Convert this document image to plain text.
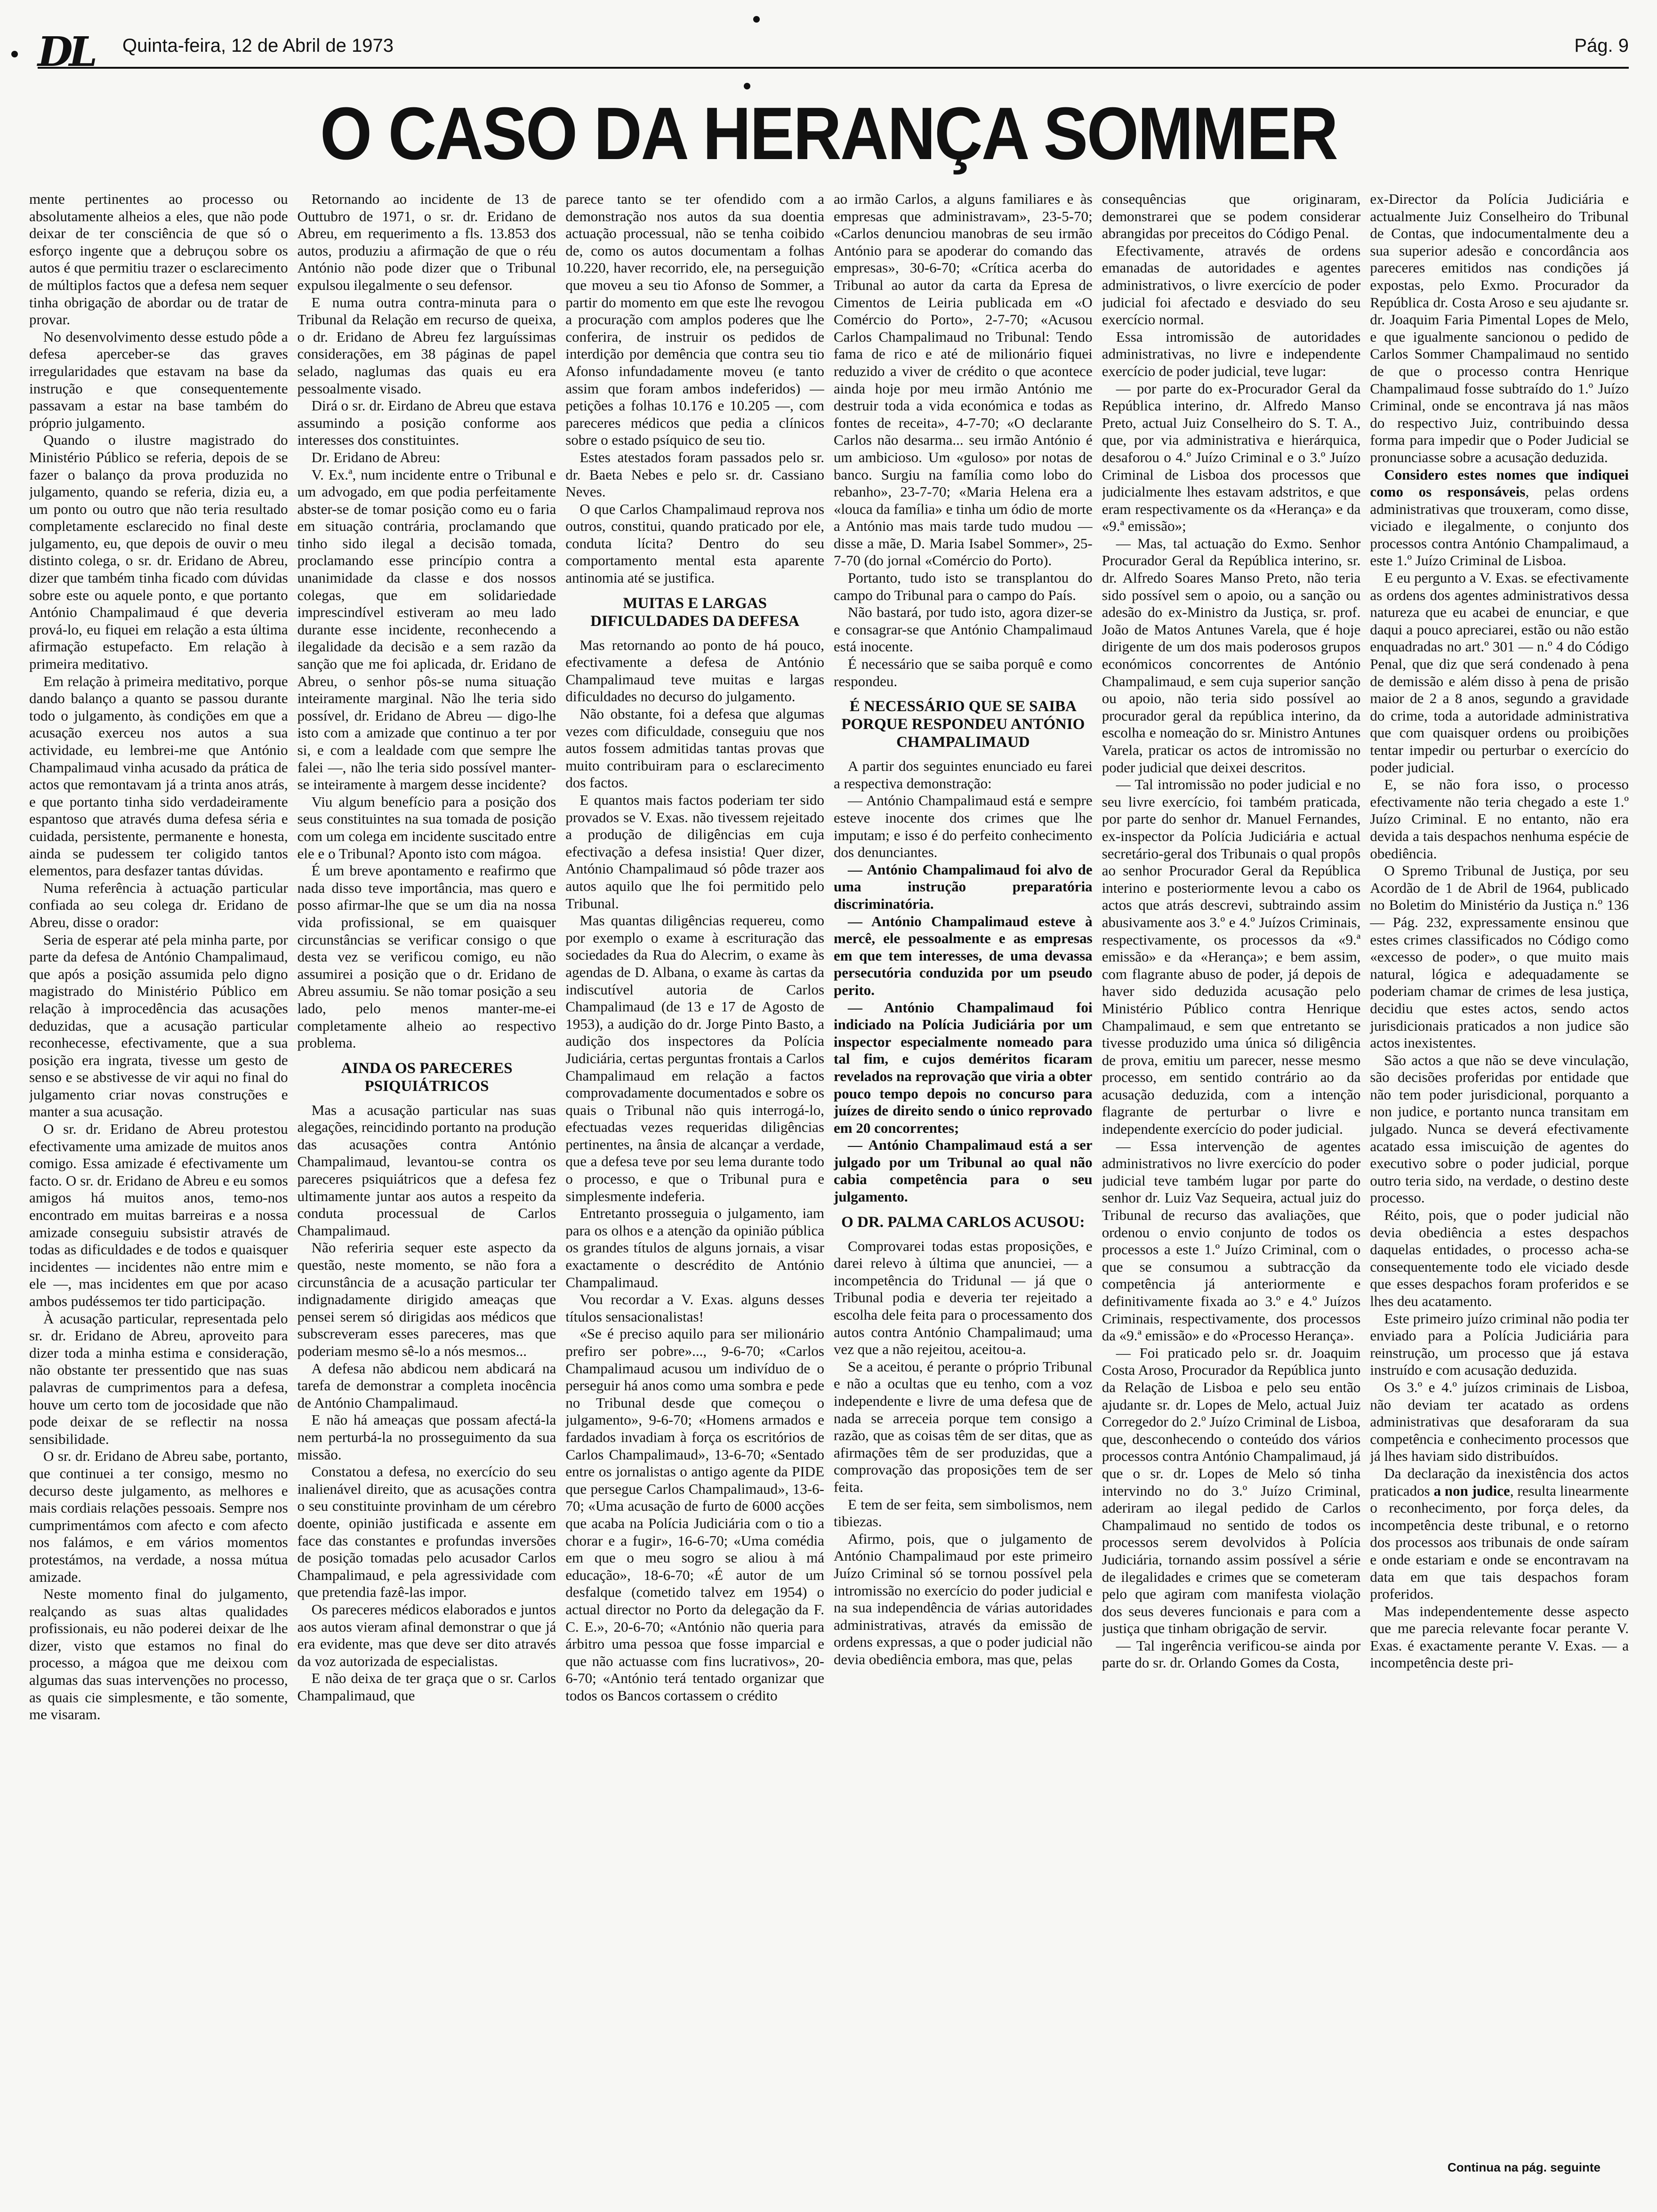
DL Quinta-feira, 12 de Abril de 1973	Pág. 9
O CASO DA HERANÇA SOMMER

mente pertinentes ao processo ou absolutamente alheios a eles, que não pode deixar de ter consciência de que só o esforço ingente que a debruçou sobre os autos é que permitiu trazer o esclarecimento de múltiplos factos que a defesa nem sequer tinha obrigação de abordar ou de tratar de provar.

No desenvolvimento desse estudo pôde a defesa aperceber-se das graves irregularidades que estavam na base da instrução e que consequentemente passavam a estar na base também do próprio julgamento.

Quando o ilustre magistrado do Ministério Público se referia, depois de se fazer o balanço da prova produzida no julgamento, quando se referia, dizia eu, a um ponto ou outro que não teria resultado completamente esclarecido no final deste julgamento, eu, que depois de ouvir o meu distinto colega, o sr. dr. Eridano de Abreu, dizer que também tinha ficado com dúvidas sobre este ou aquele ponto, e que portanto António Champalimaud é que deveria prová-lo, eu fiquei em relação a esta última afirmação estupefacto. Em relação à primeira meditativo.

Em relação à primeira meditativo, porque dando balanço a quanto se passou durante todo o julgamento, às condições em que a acusação exerceu nos autos a sua actividade, eu lembrei-me que António Champalimaud vinha acusado da prática de actos que remontavam já a trinta anos atrás, e que portanto tinha sido verdadeiramente espantoso que através duma defesa séria e cuidada, persistente, permanente e honesta, ainda se pudessem ter coligido tantos elementos, para desfazer tantas dúvidas.

Numa referência à actuação particular confiada ao seu colega dr. Eridano de Abreu, disse o orador:

Seria de esperar até pela minha parte, por parte da defesa de António Champalimaud, que após a posição assumida pelo digno magistrado do Ministério Público em relação à improcedência das acusações deduzidas, que a acusação particular reconhecesse, efectivamente, que a sua posição era ingrata, tivesse um gesto de senso e se abstivesse de vir aqui no final do julgamento criar novas construções e manter a sua acusação.

O sr. dr. Eridano de Abreu protestou efectivamente uma amizade de muitos anos comigo. Essa amizade é efectivamente um facto. O sr. dr. Eridano de Abreu e eu somos amigos há muitos anos, temo-nos encontrado em muitas barreiras e a nossa amizade conseguiu subsistir através de todas as dificuldades e de todos e quaisquer incidentes — incidentes não entre mim e ele —, mas incidentes em que por acaso ambos pudéssemos ter tido participação.

À acusação particular, representada pelo sr. dr. Eridano de Abreu, aproveito para dizer toda a minha estima e consideração, não obstante ter pressentido que nas suas palavras de cumprimentos para a defesa, houve um certo tom de jocosidade que não pode deixar de se reflectir na nossa sensibilidade.

O sr. dr. Eridano de Abreu sabe, portanto, que continuei a ter consigo, mesmo no decurso deste julgamento, as melhores e mais cordiais relações pessoais. Sempre nos cumprimentámos com afecto e com afecto nos falámos, e em vários momentos protestámos, na verdade, a nossa mútua amizade.

Neste momento final do julgamento, realçando as suas altas qualidades profissionais, eu não poderei deixar de lhe dizer, visto que estamos no final do processo, a mágoa que me deixou com algumas das suas intervenções no processo, as quais cie simplesmente, e tão somente, me visaram.

Retornando ao incidente de 13 de Outtubro de 1971, o sr. dr. Eridano de Abreu, em requerimento a fls. 13.853 dos autos, produziu a afirmação de que o réu António não pode dizer que o Tribunal expulsou ilegalmente o seu defensor.

E numa outra contra-minuta para o Tribunal da Relação em recurso de queixa, o dr. Eridano de Abreu fez larguíssimas considerações, em 38 páginas de papel selado, naglumas das quais eu era pessoalmente visado.

Dirá o sr. dr. Eirdano de Abreu que estava assumindo a posição conforme aos interesses dos constituintes.

Dr. Eridano de Abreu:

V. Ex.ª, num incidente entre o Tribunal e um advogado, em que podia perfeitamente abster-se de tomar posição como eu o faria em situação contrária, proclamando que tinho sido ilegal a decisão tomada, proclamando esse princípio contra a unanimidade da classe e dos nossos colegas, que em solidariedade imprescindível estiveram ao meu lado durante esse incidente, reconhecendo a ilegalidade da decisão e a sem razão da sanção que me foi aplicada, dr. Eridano de Abreu, o senhor pôs-se numa situação inteiramente marginal. Não lhe teria sido possível, dr. Eridano de Abreu — digo-lhe isto com a amizade que continuo a ter por si, e com a lealdade com que sempre lhe falei —, não lhe teria sido possível manter-se inteiramente à margem desse incidente?

Viu algum benefício para a posição dos seus constituintes na sua tomada de posição com um colega em incidente suscitado entre ele e o Tribunal? Aponto isto com mágoa.

É um breve apontamento e reafirmo que nada disso teve importância, mas quero e posso afirmar-lhe que se um dia na nossa vida profissional, se em quaisquer circunstâncias se verificar consigo o que desta vez se verificou comigo, eu não assumirei a posição que o dr. Eridano de Abreu assumiu. Se não tomar posição a seu lado, pelo menos manter-me-ei completamente alheio ao respectivo problema.

AINDA OS PARECERES PSIQUIÁTRICOS

Mas a acusação particular nas suas alegações, reincidindo portanto na produção das acusações contra António Champalimaud, levantou-se contra os pareceres psiquiátricos que a defesa fez ultimamente juntar aos autos a respeito da conduta processual de Carlos Champalimaud.

Não referiria sequer este aspecto da questão, neste momento, se não fora a circunstância de a acusação particular ter indignadamente dirigido ameaças que pensei serem só dirigidas aos médicos que subscreveram esses pareceres, mas que poderiam mesmo sê-lo a nós mesmos...

A defesa não abdicou nem abdicará na tarefa de demonstrar a completa inocência de António Champalimaud.

E não há ameaças que possam afectá-la nem perturbá-la no prosseguimento da sua missão.

Constatou a defesa, no exercício do seu inalienável direito, que as acusações contra o seu constituinte provinham de um cérebro doente, opinião justificada e assente em face das constantes e profundas inversões de posição tomadas pelo acusador Carlos Champalimaud, e pela agressividade com que pretendia fazê-las impor.

Os pareceres médicos elaborados e juntos aos autos vieram afinal demonstrar o que já era evidente, mas que deve ser dito através da voz autorizada de especialistas.

E não deixa de ter graça que o sr. Carlos Champalimaud, que

parece tanto se ter ofendido com a demonstração nos autos da sua doentia actuação processual, não se tenha coibido de, como os autos documentam a folhas 10.220, haver recorrido, ele, na perseguição que moveu a seu tio Afonso de Sommer, a partir do momento em que este lhe revogou a procuração com amplos poderes que lhe conferira, de instruir os pedidos de interdição por demência que contra seu tio Afonso infundadamente moveu (e tanto assim que foram ambos indeferidos) — petições a folhas 10.176 e 10.205 —, com pareceres médicos que pedia a clínicos sobre o estado psíquico de seu tio.

Estes atestados foram passados pelo sr. dr. Baeta Nebes e pelo sr. dr. Cassiano Neves.

O que Carlos Champalimaud reprova nos outros, constitui, quando praticado por ele, conduta lícita? Dentro do seu comportamento mental esta aparente antinomia até se justifica.

MUITAS E LARGAS DIFICULDADES DA DEFESA

Mas retornando ao ponto de há pouco, efectivamente a defesa de António Champalimaud teve muitas e largas dificuldades no decurso do julgamento.

Não obstante, foi a defesa que algumas vezes com dificuldade, conseguiu que nos autos fossem admitidas tantas provas que muito contribuiram para o esclarecimento dos factos.

E quantos mais factos poderiam ter sido provados se V. Exas. não tivessem rejeitado a produção de diligências em cuja efectivação a defesa insistia! Quer dizer, António Champalimaud só pôde trazer aos autos aquilo que lhe foi permitido pelo Tribunal.

Mas quantas diligências requereu, como por exemplo o exame à escrituração das sociedades da Rua do Alecrim, o exame às agendas de D. Albana, o exame às cartas da indiscutível autoria de Carlos Champalimaud (de 13 e 17 de Agosto de 1953), a audição do dr. Jorge Pinto Basto, a audição dos inspectores da Polícia Judiciária, certas perguntas frontais a Carlos Champalimaud em relação a factos comprovadamente documentados e sobre os quais o Tribunal não quis interrogá-lo, efectuadas vezes requeridas diligências pertinentes, na ânsia de alcançar a verdade, que a defesa teve por seu lema durante todo o processo, e que o Tribunal pura e simplesmente indeferia.

Entretanto prosseguia o julgamento, iam para os olhos e a atenção da opinião pública os grandes títulos de alguns jornais, a visar exactamente o descrédito de António Champalimaud.

Vou recordar a V. Exas. alguns desses títulos sensacionalistas!

«Se é preciso aquilo para ser milionário prefiro ser pobre»..., 9-6-70; «Carlos Champalimaud acusou um indivíduo de o perseguir há anos como uma sombra e pede no Tribunal desde que começou o julgamento», 9-6-70; «Homens armados e fardados invadiam à força os escritórios de Carlos Champalimaud», 13-6-70; «Sentado entre os jornalistas o antigo agente da PIDE que persegue Carlos Champalimaud», 13-6-70; «Uma acusação de furto de 6000 acções que acaba na Polícia Judiciária com o tio a chorar e a fugir», 16-6-70; «Uma comédia em que o meu sogro se aliou à má educação», 18-6-70; «É autor de um desfalque (cometido talvez em 1954) o actual director no Porto da delegação da F. C. E.», 20-6-70; «António não queria para árbitro uma pessoa que fosse imparcial e que não actuasse com fins lucrativos», 20-6-70; «António terá tentado organizar que todos os Bancos cortassem o crédito

ao irmão Carlos, a alguns familiares e às empresas que administravam», 23-5-70; «Carlos denunciou manobras de seu irmão António para se apoderar do comando das empresas», 30-6-70; «Crítica acerba do Tribunal ao autor da carta da Epresa de Cimentos de Leiria publicada em «O Comércio do Porto», 2-7-70; «Acusou Carlos Champalimaud no Tribunal: Tendo fama de rico e até de milionário fiquei reduzido a viver de crédito o que acontece ainda hoje por meu irmão António me destruir toda a vida económica e todas as fontes de receita», 4-7-70; «O declarante Carlos não desarma... seu irmão António é um ambicioso. Um «guloso» por notas de banco. Surgiu na família como lobo do rebanho», 23-7-70; «Maria Helena era a «louca da família» e tinha um ódio de morte a António mas mais tarde tudo mudou — disse a mãe, D. Maria Isabel Sommer», 25-7-70 (do jornal «Comércio do Porto).

Portanto, tudo isto se transplantou do campo do Tribunal para o campo do País.

Não bastará, por tudo isto, agora dizer-se e consagrar-se que António Champalimaud está inocente.

É necessário que se saiba porquê e como respondeu.

É NECESSÁRIO QUE SE SAIBA PORQUE RESPONDEU ANTÓNIO CHAMPALIMAUD

A partir dos seguintes enunciado eu farei a respectiva demonstração:

— António Champalimaud está e sempre esteve inocente dos crimes que lhe imputam; e isso é do perfeito conhecimento dos denunciantes.

— António Champalimaud foi alvo de uma instrução preparatória discriminatória.

— António Champalimaud esteve à mercê, ele pessoalmente e as empresas em que tem interesses, de uma devassa persecutória conduzida por um pseudo perito.

— António Champalimaud foi indiciado na Polícia Judiciária por um inspector especialmente nomeado para tal fim, e cujos deméritos ficaram revelados na reprovação que viria a obter pouco tempo depois no concurso para juízes de direito sendo o único reprovado em 20 concorrentes;

— António Champalimaud está a ser julgado por um Tribunal ao qual não cabia competência para o seu julgamento.

O DR. PALMA CARLOS ACUSOU:

Comprovarei todas estas proposições, e darei relevo à última que anunciei, — a incompetência do Tridunal — já que o Tribunal podia e deveria ter rejeitado a escolha dele feita para o processamento dos autos contra António Champalimaud; uma vez que a não rejeitou, aceitou-a.

Se a aceitou, é perante o próprio Tribunal e não a ocultas que eu tenho, com a voz independente e livre de uma defesa que de nada se arreceia porque tem consigo a razão, que as coisas têm de ser ditas, que as afirmações têm de ser produzidas, que a comprovação das proposições tem de ser feita.

E tem de ser feita, sem simbolismos, nem tibiezas.

Afirmo, pois, que o julgamento de António Champalimaud por este primeiro Juízo Criminal só se tornou possível pela intromissão no exercício do poder judicial e na sua independência de várias autoridades administrativas, através da emissão de ordens expressas, a que o poder judicial não devia obediência embora, mas que, pelas

consequências que originaram, demonstrarei que se podem considerar abrangidas por preceitos do Código Penal.

Efectivamente, através de ordens emanadas de autoridades e agentes administrativos, o livre exercício de poder judicial foi afectado e desviado do seu exercício normal.

Essa intromissão de autoridades administrativas, no livre e independente exercício de poder judicial, teve lugar:

— por parte do ex-Procurador Geral da República interino, dr. Alfredo Manso Preto, actual Juiz Conselheiro do S. T. A., que, por via administrativa e hierárquica, desaforou o 4.º Juízo Criminal e o 3.º Juízo Criminal de Lisboa dos processos que judicialmente lhes estavam adstritos, e que eram respectivamente os da «Herança» e da «9.ª emissão»;

— Mas, tal actuação do Exmo. Senhor Procurador Geral da República interino, sr. dr. Alfredo Soares Manso Preto, não teria sido possível sem o apoio, ou a sanção ou adesão do ex-Ministro da Justiça, sr. prof. João de Matos Antunes Varela, que é hoje dirigente de um dos mais poderosos grupos económicos concorrentes de António Champalimaud, e sem cuja superior sanção ou apoio, não teria sido possível ao procurador geral da república interino, da escolha e nomeação do sr. Ministro Antunes Varela, praticar os actos de intromissão no poder judicial que deixei descritos.

— Tal intromissão no poder judicial e no seu livre exercício, foi também praticada, por parte do senhor dr. Manuel Fernandes, ex-inspector da Polícia Judiciária e actual secretário-geral dos Tribunais o qual propôs ao senhor Procurador Geral da República interino e posteriormente levou a cabo os actos que atrás descrevi, subtraindo assim abusivamente aos 3.º e 4.º Juízos Criminais, respectivamente, os processos da «9.ª emissão» e da «Herança»; e bem assim, com flagrante abuso de poder, já depois de haver sido deduzida acusação pelo Ministério Público contra Henrique Champalimaud, e sem que entretanto se tivesse produzido uma única só diligência de prova, emitiu um parecer, nesse mesmo processo, em sentido contrário ao da acusação deduzida, com a intenção flagrante de perturbar o livre e independente exercício do poder judicial.

— Essa intervenção de agentes administrativos no livre exercício do poder judicial teve também lugar por parte do senhor dr. Luiz Vaz Sequeira, actual juiz do Tribunal de recurso das avaliações, que ordenou o envio conjunto de todos os processos a este 1.º Juízo Criminal, com o que se consumou a subtracção da competência já anteriormente e definitivamente fixada ao 3.º e 4.º Juízos Criminais, respectivamente, dos processos da «9.ª emissão» e do «Processo Herança».

— Foi praticado pelo sr. dr. Joaquim Costa Aroso, Procurador da República junto da Relação de Lisboa e pelo seu então ajudante sr. dr. Lopes de Melo, actual Juiz Corregedor do 2.º Juízo Criminal de Lisboa, que, desconhecendo o conteúdo dos vários processos contra António Champalimaud, já que o sr. dr. Lopes de Melo só tinha intervindo no do 3.º Juízo Criminal, aderiram ao ilegal pedido de Carlos Champalimaud no sentido de todos os processos serem devolvidos à Polícia Judiciária, tornando assim possível a série de ilegalidades e crimes que se cometeram pelo que agiram com manifesta violação dos seus deveres funcionais e para com a justiça que tinham obrigação de servir.

— Tal ingerência verificou-se ainda por parte do sr. dr. Orlando Gomes da Costa,

ex-Director da Polícia Judiciária e actualmente Juiz Conselheiro do Tribunal de Contas, que indocumentalmente deu a sua superior adesão e concordância aos pareceres emitidos nas condições já expostas, pelo Exmo. Procurador da República dr. Costa Aroso e seu ajudante sr. dr. Joaquim Faria Pimental Lopes de Melo, e que igualmente sancionou o pedido de Carlos Sommer Champalimaud no sentido de que o processo contra Henrique Champalimaud fosse subtraído do 1.º Juízo Criminal, onde se encontrava já nas mãos do respectivo Juiz, contribuindo dessa forma para impedir que o Poder Judicial se pronunciasse sobre a acusação deduzida.

Considero estes nomes que indiquei como os responsáveis, pelas ordens administrativas que trouxeram, como disse, viciado e ilegalmente, o conjunto dos processos contra António Champalimaud, a este 1.º Juízo Criminal de Lisboa.

E eu pergunto a V. Exas. se efectivamente as ordens dos agentes administrativos dessa natureza que eu acabei de enunciar, e que daqui a pouco apreciarei, estão ou não estão enquadradas no art.º 301 — n.º 4 do Código Penal, que diz que será condenado à pena de demissão e além disso à pena de prisão maior de 2 a 8 anos, segundo a gravidade do crime, toda a autoridade administrativa que com quaisquer ordens ou proibições tentar impedir ou perturbar o exercício do poder judicial.

E, se não fora isso, o processo efectivamente não teria chegado a este 1.º Juízo Criminal. E no entanto, não era devida a tais despachos nenhuma espécie de obediência.

O Spremo Tribunal de Justiça, por seu Acordão de 1 de Abril de 1964, publicado no Boletim do Ministério da Justiça n.º 136 — Pág. 232, expressamente ensinou que estes crimes classificados no Código como «excesso de poder», o que muito mais natural, lógica e adequadamente se poderiam chamar de crimes de lesa justiça, decidiu que estes actos, sendo actos jurisdicionais praticados a non judice são actos inexistentes.

São actos a que não se deve vinculação, são decisões proferidas por entidade que não tem poder jurisdicional, porquanto a non judice, e portanto nunca transitam em julgado. Nunca se deverá efectivamente acatado essa imiscuição de agentes do executivo sobre o poder judicial, porque outro teria sido, na verdade, o destino deste processo.

Réito, pois, que o poder judicial não devia obediência a estes despachos daquelas entidades, o processo acha-se consequentemente todo ele viciado desde que esses despachos foram proferidos e se lhes deu acatamento.

Este primeiro juízo criminal não podia ter enviado para a Polícia Judiciária para reinstrução, um processo que já estava instruído e com acusação deduzida.

Os 3.º e 4.º juízos criminais de Lisboa, não deviam ter acatado as ordens administrativas que desaforaram da sua competência e conhecimento processos que já lhes haviam sido distribuídos.

Da declaração da inexistência dos actos praticados a non judice, resulta linearmente o reconhecimento, por força deles, da incompetência deste tribunal, e o retorno dos processos aos tribunais de onde saíram e onde estariam e onde se encontravam na data em que tais despachos foram proferidos.

Mas independentemente desse aspecto que me parecia relevante focar perante V. Exas. é exactamente perante V. Exas. — a incompetência deste pri-

Continua na pág. seguinte
